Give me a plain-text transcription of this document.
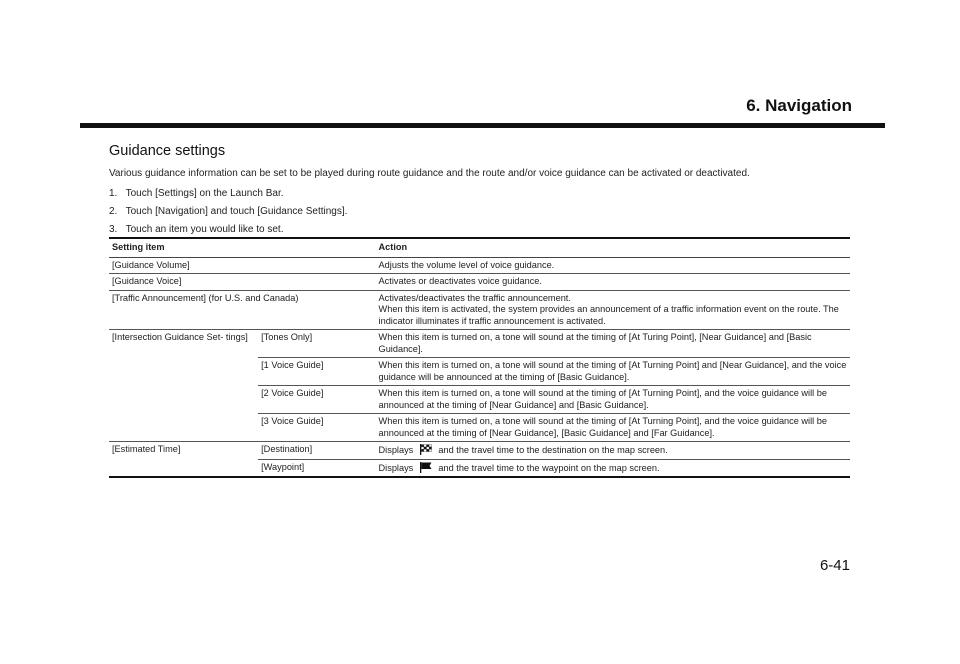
6. Navigation
Guidance settings
Various guidance information can be set to be played during route guidance and the route and/or voice guidance can be activated or deactivated.
1. Touch [Settings] on the Launch Bar.
2. Touch [Navigation] and touch [Guidance Settings].
3. Touch an item you would like to set.
Setting item		Action
[Guidance Volume]		Adjusts the volume level of voice guidance.
[Guidance Voice]		Activates or deactivates voice guidance.
[Traffic Announcement] (for U.S. and Canada)		Activates/deactivates the traffic announcement.
When this item is activated, the system provides an announcement of a traffic information event on the route. The indicator illuminates if traffic announcement is activated.

[Intersection Guidance Set- tings]	[Tones Only]	When this item is turned on, a tone will sound at the timing of [At Turing Point], [Near Guidance] and [Basic Guidance].
	[1 Voice Guide]	When this item is turned on, a tone will sound at the timing of [At Turning Point] and [Near Guidance], and the voice guidance will be announced at the timing of [Basic Guidance].
	[2 Voice Guide]	When this item is turned on, a tone will sound at the timing of [At Turning Point], and the voice guidance will be announced at the timing of [Near Guidance] and [Basic Guidance].
	[3 Voice Guide]	When this item is turned on, a tone will sound at the timing of [At Turning Point], and the voice guidance will be announced at the timing of [Near Guidance], [Basic Guidance] and [Far Guidance].
[Estimated Time]	[Destination]	Displays and the travel time to the destination on the map screen.
	[Waypoint]	Displays and the travel time to the waypoint on the map screen.
6-41
